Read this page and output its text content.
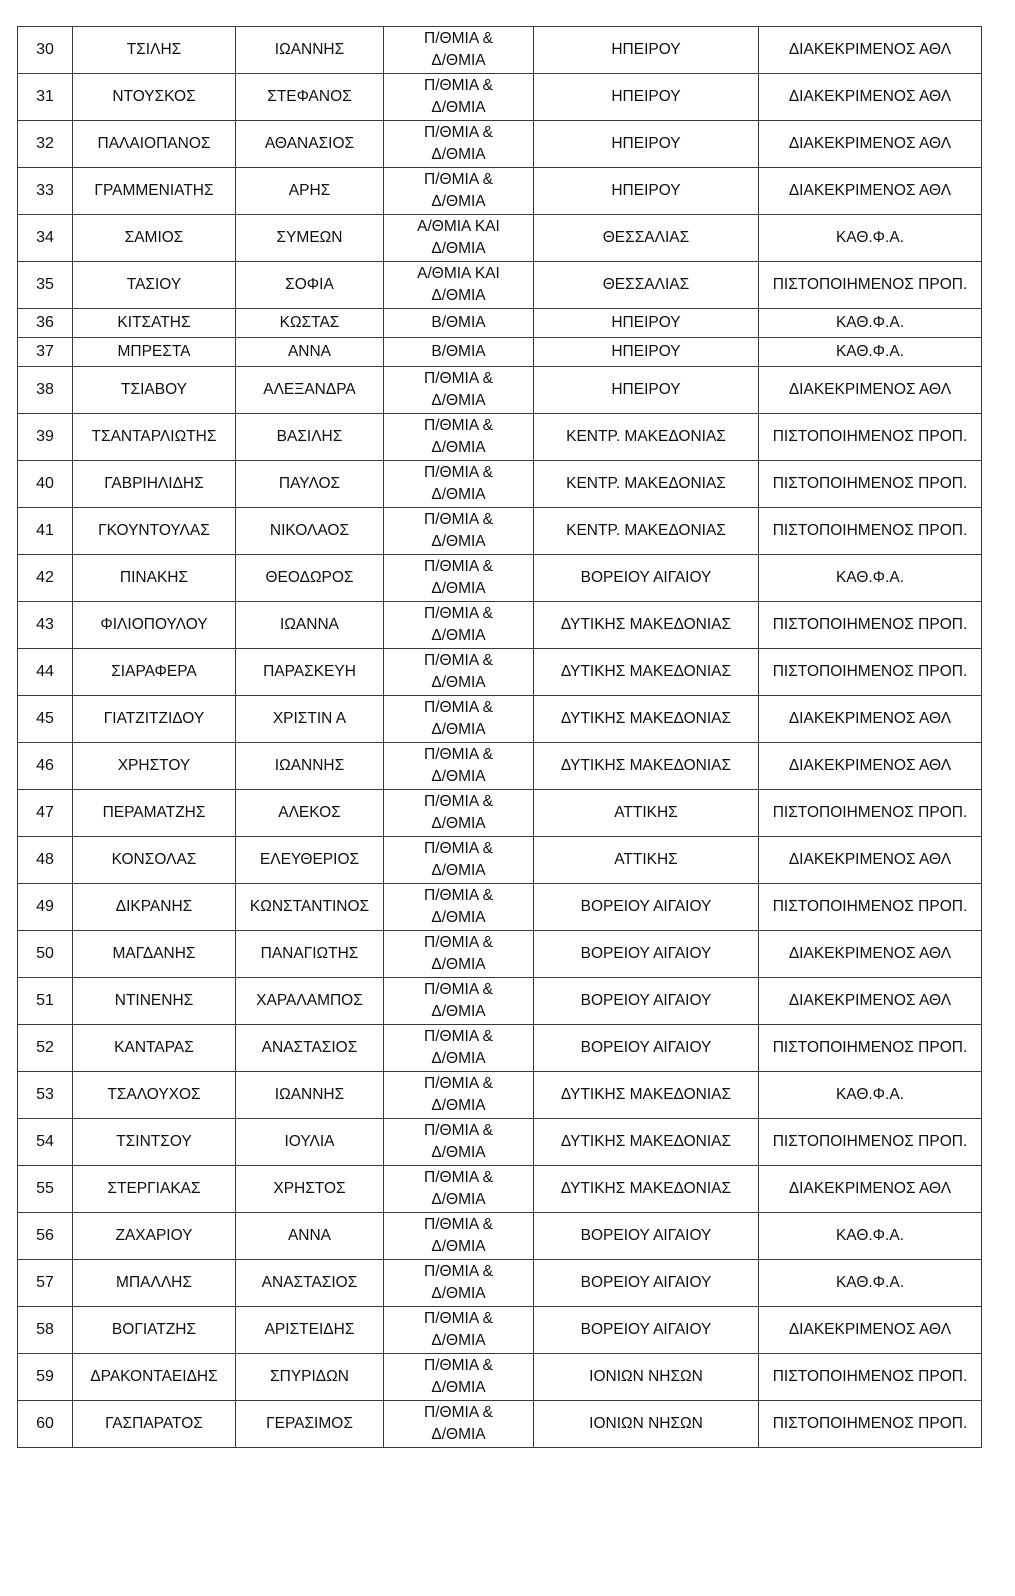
30	ΤΣΙΛΗΣ	ΙΩΑΝΝΗΣ	Π/ΘΜΙΑ &
Δ/ΘΜΙΑ	ΗΠΕΙΡΟΥ	ΔΙΑΚΕΚΡΙΜΕΝΟΣ ΑΘΛ
31	ΝΤΟΥΣΚΟΣ	ΣΤΕΦΑΝΟΣ	Π/ΘΜΙΑ &
Δ/ΘΜΙΑ	ΗΠΕΙΡΟΥ	ΔΙΑΚΕΚΡΙΜΕΝΟΣ ΑΘΛ
32	ΠΑΛΑΙΟΠΑΝΟΣ	ΑΘΑΝΑΣΙΟΣ	Π/ΘΜΙΑ &
Δ/ΘΜΙΑ	ΗΠΕΙΡΟΥ	ΔΙΑΚΕΚΡΙΜΕΝΟΣ ΑΘΛ
33	ΓΡΑΜΜΕΝΙΑΤΗΣ	ΑΡΗΣ	Π/ΘΜΙΑ &
Δ/ΘΜΙΑ	ΗΠΕΙΡΟΥ	ΔΙΑΚΕΚΡΙΜΕΝΟΣ ΑΘΛ
34	ΣΑΜΙΟΣ	ΣΥΜΕΩΝ	Α/ΘΜΙΑ ΚΑΙ
Δ/ΘΜΙΑ	ΘΕΣΣΑΛΙΑΣ	ΚΑΘ.Φ.Α.
35	ΤΑΣΙΟΥ	ΣΟΦΙΑ	Α/ΘΜΙΑ ΚΑΙ
Δ/ΘΜΙΑ	ΘΕΣΣΑΛΙΑΣ	ΠΙΣΤΟΠΟΙΗΜΕΝΟΣ ΠΡΟΠ.
36	ΚΙΤΣΑΤΗΣ	ΚΩΣΤΑΣ	Β/ΘΜΙΑ	ΗΠΕΙΡΟΥ	ΚΑΘ.Φ.Α.
37	ΜΠΡΕΣΤΑ	ΑΝΝΑ	Β/ΘΜΙΑ	ΗΠΕΙΡΟΥ	ΚΑΘ.Φ.Α.
38	ΤΣΙΑΒΟΥ	ΑΛΕΞΑΝΔΡΑ	Π/ΘΜΙΑ &
Δ/ΘΜΙΑ	ΗΠΕΙΡΟΥ	ΔΙΑΚΕΚΡΙΜΕΝΟΣ ΑΘΛ
39	ΤΣΑΝΤΑΡΛΙΩΤΗΣ	ΒΑΣΙΛΗΣ	Π/ΘΜΙΑ &
Δ/ΘΜΙΑ	ΚΕΝΤΡ. ΜΑΚΕΔΟΝΙΑΣ	ΠΙΣΤΟΠΟΙΗΜΕΝΟΣ ΠΡΟΠ.
40	ΓΑΒΡΙΗΛΙΔΗΣ	ΠΑΥΛΟΣ	Π/ΘΜΙΑ &
Δ/ΘΜΙΑ	ΚΕΝΤΡ. ΜΑΚΕΔΟΝΙΑΣ	ΠΙΣΤΟΠΟΙΗΜΕΝΟΣ ΠΡΟΠ.
41	ΓΚΟΥΝΤΟΥΛΑΣ	ΝΙΚΟΛΑΟΣ	Π/ΘΜΙΑ &
Δ/ΘΜΙΑ	ΚΕΝΤΡ. ΜΑΚΕΔΟΝΙΑΣ	ΠΙΣΤΟΠΟΙΗΜΕΝΟΣ ΠΡΟΠ.
42	ΠΙΝΑΚΗΣ	ΘΕΟΔΩΡΟΣ	Π/ΘΜΙΑ &
Δ/ΘΜΙΑ	ΒΟΡΕΙΟΥ ΑΙΓΑΙΟΥ	ΚΑΘ.Φ.Α.
43	ΦΙΛΙΟΠΟΥΛΟΥ	ΙΩΑΝΝΑ	Π/ΘΜΙΑ &
Δ/ΘΜΙΑ	ΔΥΤΙΚΗΣ ΜΑΚΕΔΟΝΙΑΣ	ΠΙΣΤΟΠΟΙΗΜΕΝΟΣ ΠΡΟΠ.
44	ΣΙΑΡΑΦΕΡΑ	ΠΑΡΑΣΚΕΥΗ	Π/ΘΜΙΑ &
Δ/ΘΜΙΑ	ΔΥΤΙΚΗΣ ΜΑΚΕΔΟΝΙΑΣ	ΠΙΣΤΟΠΟΙΗΜΕΝΟΣ ΠΡΟΠ.
45	ΓΙΑΤΖΙΤΖΙΔΟΥ	ΧΡΙΣΤΙΝ Α	Π/ΘΜΙΑ &
Δ/ΘΜΙΑ	ΔΥΤΙΚΗΣ ΜΑΚΕΔΟΝΙΑΣ	ΔΙΑΚΕΚΡΙΜΕΝΟΣ ΑΘΛ
46	ΧΡΗΣΤΟΥ	ΙΩΑΝΝΗΣ	Π/ΘΜΙΑ &
Δ/ΘΜΙΑ	ΔΥΤΙΚΗΣ ΜΑΚΕΔΟΝΙΑΣ	ΔΙΑΚΕΚΡΙΜΕΝΟΣ ΑΘΛ
47	ΠΕΡΑΜΑΤΖΗΣ	ΑΛΕΚΟΣ	Π/ΘΜΙΑ &
Δ/ΘΜΙΑ	ΑΤΤΙΚΗΣ	ΠΙΣΤΟΠΟΙΗΜΕΝΟΣ ΠΡΟΠ.
48	ΚΟΝΣΟΛΑΣ	ΕΛΕΥΘΕΡΙΟΣ	Π/ΘΜΙΑ &
Δ/ΘΜΙΑ	ΑΤΤΙΚΗΣ	ΔΙΑΚΕΚΡΙΜΕΝΟΣ ΑΘΛ
49	ΔΙΚΡΑΝΗΣ	ΚΩΝΣΤΑΝΤΙΝΟΣ	Π/ΘΜΙΑ &
Δ/ΘΜΙΑ	ΒΟΡΕΙΟΥ ΑΙΓΑΙΟΥ	ΠΙΣΤΟΠΟΙΗΜΕΝΟΣ ΠΡΟΠ.
50	ΜΑΓΔΑΝΗΣ	ΠΑΝΑΓΙΩΤΗΣ	Π/ΘΜΙΑ &
Δ/ΘΜΙΑ	ΒΟΡΕΙΟΥ ΑΙΓΑΙΟΥ	ΔΙΑΚΕΚΡΙΜΕΝΟΣ ΑΘΛ
51	ΝΤΙΝΕΝΗΣ	ΧΑΡΑΛΑΜΠΟΣ	Π/ΘΜΙΑ &
Δ/ΘΜΙΑ	ΒΟΡΕΙΟΥ ΑΙΓΑΙΟΥ	ΔΙΑΚΕΚΡΙΜΕΝΟΣ ΑΘΛ
52	ΚΑΝΤΑΡΑΣ	ΑΝΑΣΤΑΣΙΟΣ	Π/ΘΜΙΑ &
Δ/ΘΜΙΑ	ΒΟΡΕΙΟΥ ΑΙΓΑΙΟΥ	ΠΙΣΤΟΠΟΙΗΜΕΝΟΣ ΠΡΟΠ.
53	ΤΣΑΛΟΥΧΟΣ	ΙΩΑΝΝΗΣ	Π/ΘΜΙΑ &
Δ/ΘΜΙΑ	ΔΥΤΙΚΗΣ ΜΑΚΕΔΟΝΙΑΣ	ΚΑΘ.Φ.Α.
54	ΤΣΙΝΤΣΟΥ	ΙΟΥΛΙΑ	Π/ΘΜΙΑ &
Δ/ΘΜΙΑ	ΔΥΤΙΚΗΣ ΜΑΚΕΔΟΝΙΑΣ	ΠΙΣΤΟΠΟΙΗΜΕΝΟΣ ΠΡΟΠ.
55	ΣΤΕΡΓΙΑΚΑΣ	ΧΡΗΣΤΟΣ	Π/ΘΜΙΑ &
Δ/ΘΜΙΑ	ΔΥΤΙΚΗΣ ΜΑΚΕΔΟΝΙΑΣ	ΔΙΑΚΕΚΡΙΜΕΝΟΣ ΑΘΛ
56	ΖΑΧΑΡΙΟΥ	ΑΝΝΑ	Π/ΘΜΙΑ &
Δ/ΘΜΙΑ	ΒΟΡΕΙΟΥ ΑΙΓΑΙΟΥ	ΚΑΘ.Φ.Α.
57	ΜΠΑΛΛΗΣ	ΑΝΑΣΤΑΣΙΟΣ	Π/ΘΜΙΑ &
Δ/ΘΜΙΑ	ΒΟΡΕΙΟΥ ΑΙΓΑΙΟΥ	ΚΑΘ.Φ.Α.
58	ΒΟΓΙΑΤΖΗΣ	ΑΡΙΣΤΕΙΔΗΣ	Π/ΘΜΙΑ &
Δ/ΘΜΙΑ	ΒΟΡΕΙΟΥ ΑΙΓΑΙΟΥ	ΔΙΑΚΕΚΡΙΜΕΝΟΣ ΑΘΛ
59	ΔΡΑΚΟΝΤΑΕΙΔΗΣ	ΣΠΥΡΙΔΩΝ	Π/ΘΜΙΑ &
Δ/ΘΜΙΑ	ΙΟΝΙΩΝ ΝΗΣΩΝ	ΠΙΣΤΟΠΟΙΗΜΕΝΟΣ ΠΡΟΠ.
60	ΓΑΣΠΑΡΑΤΟΣ	ΓΕΡΑΣΙΜΟΣ	Π/ΘΜΙΑ &
Δ/ΘΜΙΑ	ΙΟΝΙΩΝ ΝΗΣΩΝ	ΠΙΣΤΟΠΟΙΗΜΕΝΟΣ ΠΡΟΠ.
